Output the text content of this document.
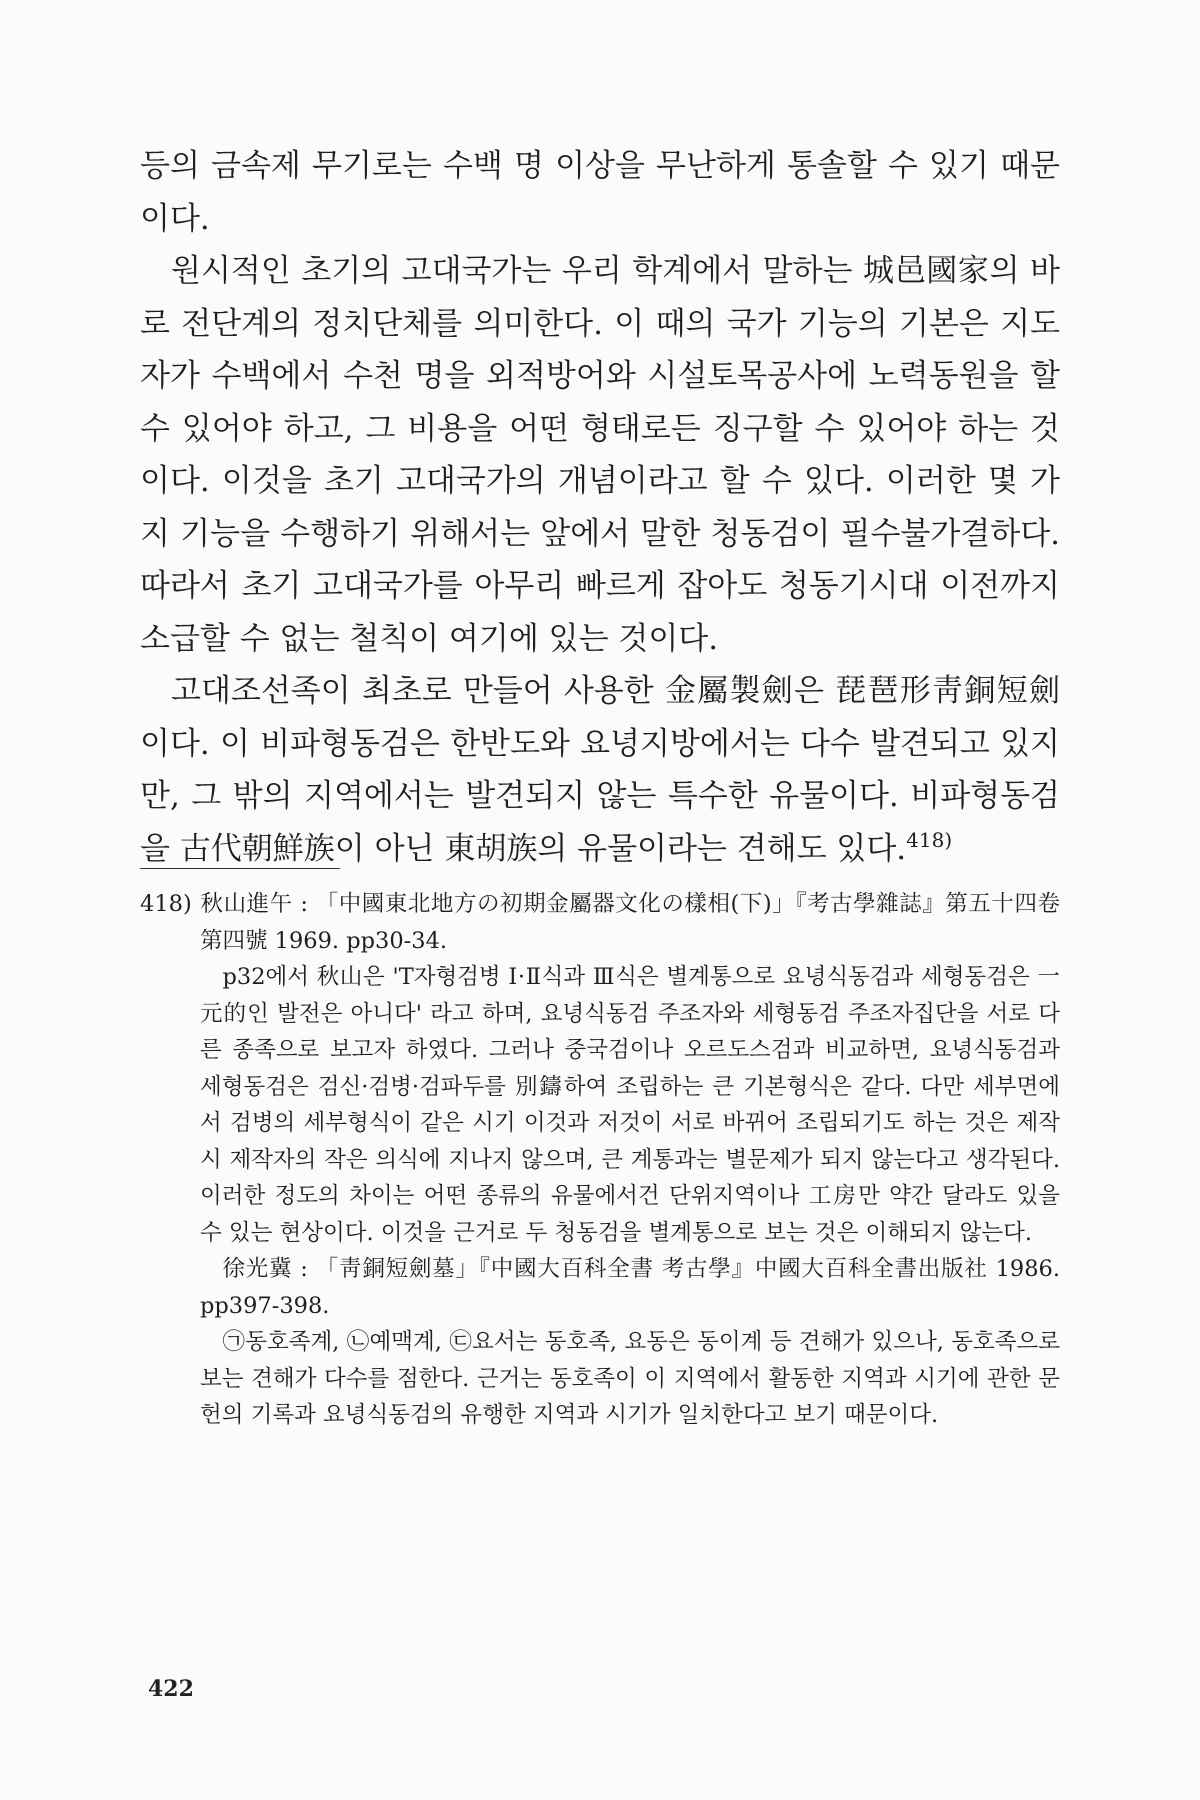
등의 금속제 무기로는 수백 명 이상을 무난하게 통솔할 수 있기 때문이다.

원시적인 초기의 고대국가는 우리 학계에서 말하는 城邑國家의 바로 전단계의 정치단체를 의미한다. 이 때의 국가 기능의 기본은 지도자가 수백에서 수천 명을 외적방어와 시설토목공사에 노력동원을 할 수 있어야 하고, 그 비용을 어떤 형태로든 징구할 수 있어야 하는 것이다. 이것을 초기 고대국가의 개념이라고 할 수 있다. 이러한 몇 가지 기능을 수행하기 위해서는 앞에서 말한 청동검이 필수불가결하다. 따라서 초기 고대국가를 아무리 빠르게 잡아도 청동기시대 이전까지 소급할 수 없는 철칙이 여기에 있는 것이다.

고대조선족이 최초로 만들어 사용한 金屬製劍은 琵琶形靑銅短劍이다. 이 비파형동검은 한반도와 요녕지방에서는 다수 발견되고 있지만, 그 밖의 지역에서는 발견되지 않는 특수한 유물이다. 비파형동검을 古代朝鮮族이 아닌 東胡族의 유물이라는 견해도 있다.$^{418)}$

418) 秋山進午 : 「中國東北地方の初期金屬器文化の樣相(下)」『考古學雜誌』第五十四卷第四號 1969. pp30-34.

p32에서 秋山은 'T자형검병 Ⅰ·Ⅱ식과 Ⅲ식은 별계통으로 요녕식동검과 세형동검은 一元的인 발전은 아니다' 라고 하며, 요녕식동검 주조자와 세형동검 주조자집단을 서로 다른 종족으로 보고자 하였다. 그러나 중국검이나 오르도스검과 비교하면, 요녕식동검과 세형동검은 검신·검병·검파두를 別鑄하여 조립하는 큰 기본형식은 같다. 다만 세부면에서 검병의 세부형식이 같은 시기 이것과 저것이 서로 바뀌어 조립되기도 하는 것은 제작시 제작자의 작은 의식에 지나지 않으며, 큰 계통과는 별문제가 되지 않는다고 생각된다. 이러한 정도의 차이는 어떤 종류의 유물에서건 단위지역이나 工房만 약간 달라도 있을 수 있는 현상이다. 이것을 근거로 두 청동검을 별계통으로 보는 것은 이해되지 않는다.

徐光冀 : 「靑銅短劍墓」『中國大百科全書 考古學』中國大百科全書出版社 1986. pp397-398.

㉠동호족계, ㉡예맥계, ㉢요서는 동호족, 요동은 동이계 등 견해가 있으나, 동호족으로 보는 견해가 다수를 점한다. 근거는 동호족이 이 지역에서 활동한 지역과 시기에 관한 문헌의 기록과 요녕식동검의 유행한 지역과 시기가 일치한다고 보기 때문이다.

422
